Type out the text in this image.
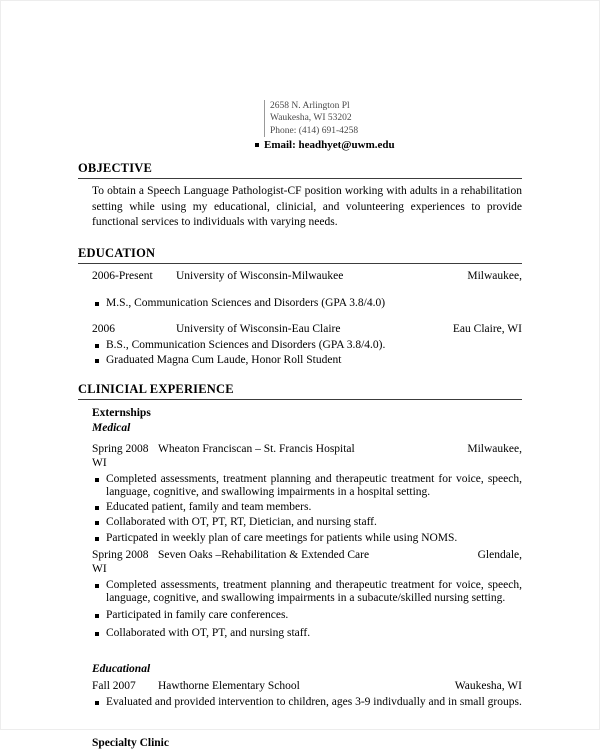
2658 N. Arlington Pl
Waukesha, WI 53202
Phone: (414) 691-4258
Email: headhyet@uwm.edu
OBJECTIVE

To obtain a Speech Language Pathologist-CF position working with adults in a rehabilitation setting while using my educational, clinicial, and volunteering experiences to provide functional services to individuals with varying needs.

EDUCATION
2006-Present	University of Wisconsin-Milwaukee	Milwaukee,
M.S., Communication Sciences and Disorders (GPA 3.8/4.0)
2006	University of Wisconsin-Eau Claire	Eau Claire, WI
B.S., Communication Sciences and Disorders (GPA 3.8/4.0).
Graduated Magna Cum Laude, Honor Roll Student
CLINICIAL EXPERIENCE
Externships
Medical
Spring 2008 Wheaton Franciscan – St. Francis Hospital	Milwaukee,
WI
Completed assessments, treatment planning and therapeutic treatment for voice, speech, language, cognitive, and swallowing impairments in a hospital setting.
Educated patient, family and team members.
Collaborated with OT, PT, RT, Dietician, and nursing staff.
Particpated in weekly plan of care meetings for patients while using NOMS.
Spring 2008 Seven Oaks –Rehabilitation & Extended Care	Glendale,
WI
Completed assessments, treatment planning and therapeutic treatment for voice, speech, language, cognitive, and swallowing impairments in a subacute/skilled nursing setting.
Participated in family care conferences.
Collaborated with OT, PT, and nursing staff.
Educational
Fall 2007	Hawthorne Elementary School	Waukesha, WI
Evaluated and provided intervention to children, ages 3-9 indivdually and in small groups.
Specialty Clinic
